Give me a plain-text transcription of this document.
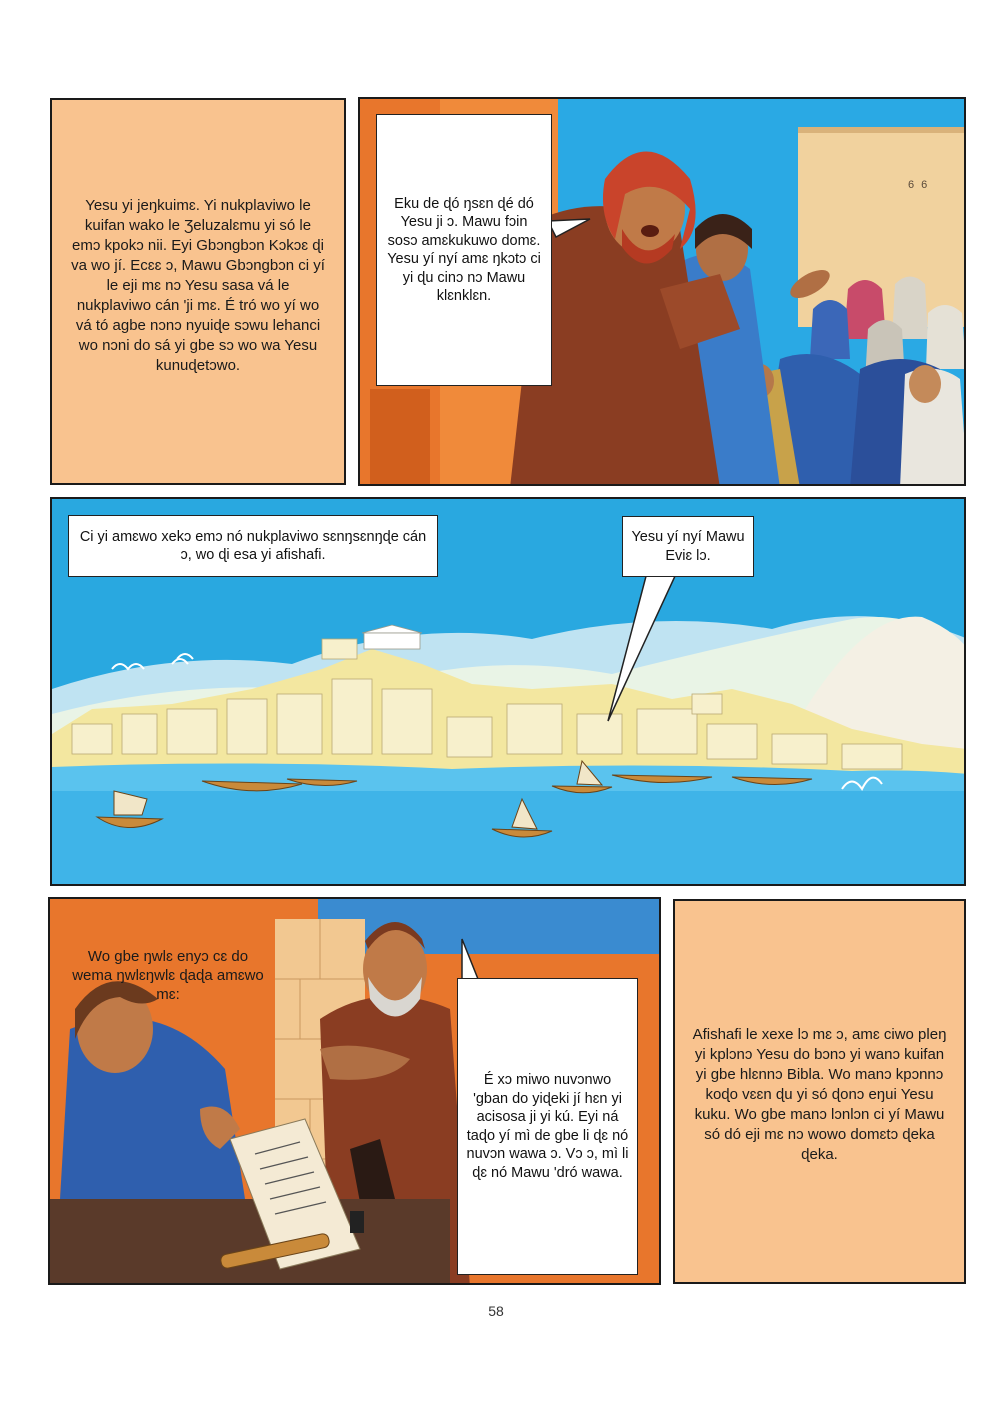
Yesu yi jeŋkuimɛ. Yi nukplaviwo le kuifan wako le Ʒeluzalɛmu yi só le emɔ kpokɔ nii. Eyi Gbɔngbɔn Kɔkɔɛ ɖi va wo jí. Ecɛɛ ɔ, Mawu Gbɔngbɔn ci yí le eji mɛ nɔ Yesu sasa vá le nukplaviwo cán 'ji mɛ. É tró wo yí wo vá tó agbe nɔnɔ nyuiɖe sɔwu lehanci wo nɔni do sá yi gbe sɔ wo wa Yesu kunuɖetɔwo.
6 6
Eku de ɖó ŋsɛn ɖé dó Yesu ji ɔ. Mawu fɔin sosɔ amɛkukuwo domɛ. Yesu yí nyí amɛ ŋkɔtɔ ci yi ɖu cinɔ nɔ Mawu klɛnklɛn.
Ci yi amɛwo xekɔ emɔ nó nukplaviwo sɛnŋsɛnŋɖe cán ɔ, wo ɖi esa yi afishafi.
Yesu yí nyí Mawu Eviɛ lɔ.
Wo gbe ŋwlɛ enyɔ cɛ do wema ŋwlɛŋwlɛ ɖaɖa amɛwo mɛ:
É xɔ miwo nuvɔnwo 'gban do yiɖeki jí hɛn yi acisosa ji yi kú. Eyi ná taɖo yí mì de gbe li ɖɛ nó nuvɔn wawa ɔ. Vɔ ɔ, mì li ɖɛ nó Mawu 'dró wawa.
Afishafi le xexe lɔ mɛ ɔ, amɛ ciwo pleŋ yi kplɔnɔ Yesu do bɔnɔ yi wanɔ kuifan yi gbe hlɛnnɔ Bibla. Wo manɔ kpɔnnɔ koɖo vɛɛn ɖu yi só ɖonɔ eŋui Yesu kuku. Wo gbe manɔ lɔnlɔn ci yí Mawu só dó eji mɛ nɔ wowo domɛtɔ ɖeka ɖeka.
58
